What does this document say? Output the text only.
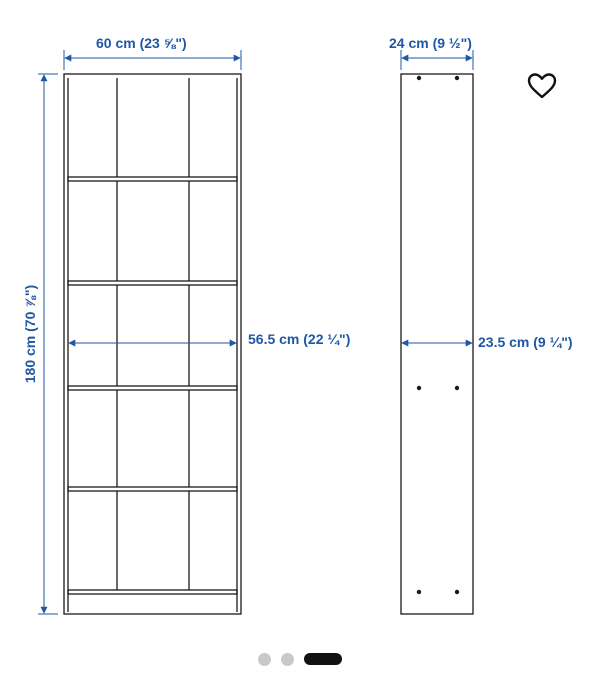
60 cm (23 ⅝")
56.5 cm (22 ¼")
180 cm (70 ⅞")
24 cm (9 ½")
23.5 cm (9 ¼")
